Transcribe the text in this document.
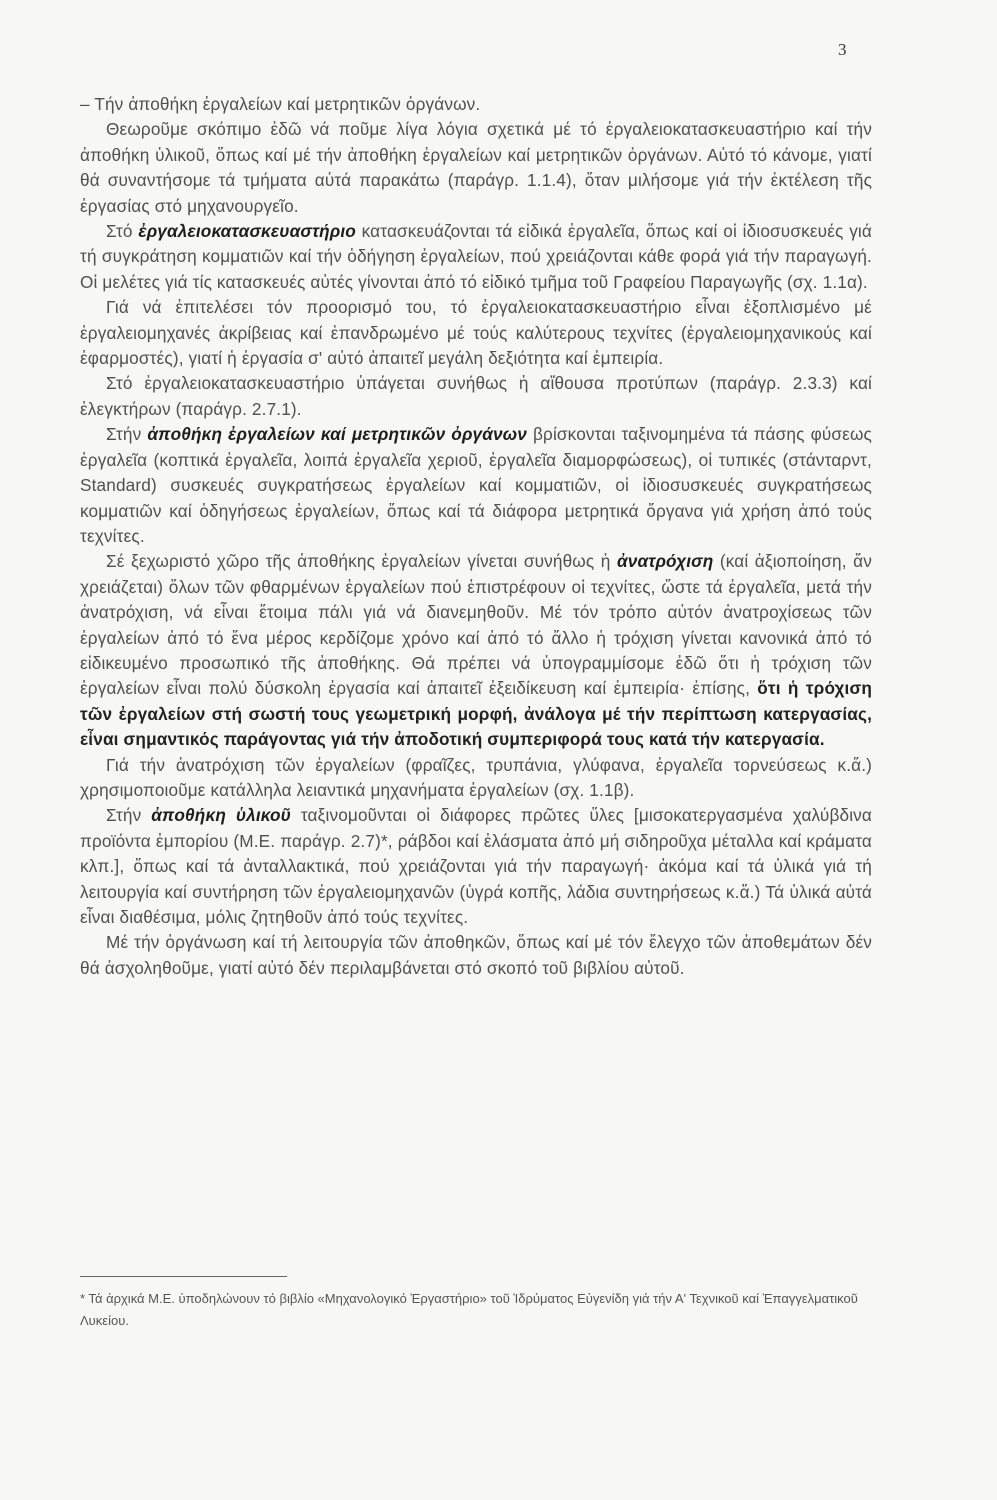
3

– Τήν ἀποθήκη ἐργαλείων καί μετρητικῶν ὀργάνων.

Θεωροῦμε σκόπιμο ἐδῶ νά ποῦμε λίγα λόγια σχετικά μέ τό ἐργαλειοκατασκευαστήριο καί τήν ἀποθήκη ὑλικοῦ, ὅπως καί μέ τήν ἀποθήκη ἐργαλείων καί μετρητικῶν ὀργάνων. Αὐτό τό κάνομε, γιατί θά συναντήσομε τά τμήματα αὐτά παρακάτω (παράγρ. 1.1.4), ὅταν μιλήσομε γιά τήν ἐκτέλεση τῆς ἐργασίας στό μηχανουργεῖο.

Στό ἐργαλειοκατασκευαστήριο κατασκευάζονται τά εἰδικά ἐργαλεῖα, ὅπως καί οἱ ἰδιοσυσκευές γιά τή συγκράτηση κομματιῶν καί τήν ὁδήγηση ἐργαλείων, πού χρειάζονται κάθε φορά γιά τήν παραγωγή. Οἱ μελέτες γιά τίς κατασκευές αὐτές γίνονται ἀπό τό εἰδικό τμῆμα τοῦ Γραφείου Παραγωγῆς (σχ. 1.1α).

Γιά νά ἐπιτελέσει τόν προορισμό του, τό ἐργαλειοκατασκευαστήριο εἶναι ἐξοπλισμένο μέ ἐργαλειομηχανές ἀκρίβειας καί ἐπανδρωμένο μέ τούς καλύτερους τεχνίτες (ἐργαλειομηχανικούς καί ἐφαρμοστές), γιατί ἡ ἐργασία σ' αὐτό ἀπαιτεῖ μεγάλη δεξιότητα καί ἐμπειρία.

Στό ἐργαλειοκατασκευαστήριο ὑπάγεται συνήθως ἡ αἴθουσα προτύπων (παράγρ. 2.3.3) καί ἐλεγκτήρων (παράγρ. 2.7.1).

Στήν ἀποθήκη ἐργαλείων καί μετρητικῶν ὀργάνων βρίσκονται ταξινομημένα τά πάσης φύσεως ἐργαλεῖα (κοπτικά ἐργαλεῖα, λοιπά ἐργαλεῖα χεριοῦ, ἐργαλεῖα διαμορφώσεως), οἱ τυπικές (στάνταρντ, Standard) συσκευές συγκρατήσεως ἐργαλείων καί κομματιῶν, οἱ ἰδιοσυσκευές συγκρατήσεως κομματιῶν καί ὁδηγήσεως ἐργαλείων, ὅπως καί τά διάφορα μετρητικά ὄργανα γιά χρήση ἀπό τούς τεχνίτες.

Σέ ξεχωριστό χῶρο τῆς ἀποθήκης ἐργαλείων γίνεται συνήθως ἡ ἀνατρόχιση (καί ἀξιοποίηση, ἄν χρειάζεται) ὅλων τῶν φθαρμένων ἐργαλείων πού ἐπιστρέφουν οἱ τεχνίτες, ὥστε τά ἐργαλεῖα, μετά τήν ἀνατρόχιση, νά εἶναι ἕτοιμα πάλι γιά νά διανεμηθοῦν. Μέ τόν τρόπο αὐτόν ἀνατροχίσεως τῶν ἐργαλείων ἀπό τό ἕνα μέρος κερδίζομε χρόνο καί ἀπό τό ἄλλο ἡ τρόχιση γίνεται κανονικά ἀπό τό εἰδικευμένο προσωπικό τῆς ἀποθήκης. Θά πρέπει νά ὑπογραμμίσομε ἐδῶ ὅτι ἡ τρόχιση τῶν ἐργαλείων εἶναι πολύ δύσκολη ἐργασία καί ἀπαιτεῖ ἐξειδίκευση καί ἐμπειρία· ἐπίσης, ὅτι ἡ τρόχιση τῶν ἐργαλείων στή σωστή τους γεωμετρική μορφή, ἀνάλογα μέ τήν περίπτωση κατεργασίας, εἶναι σημαντικός παράγοντας γιά τήν ἀποδοτική συμπεριφορά τους κατά τήν κατεργασία.

Γιά τήν ἀνατρόχιση τῶν ἐργαλείων (φραῖζες, τρυπάνια, γλύφανα, ἐργαλεῖα τορνεύσεως κ.ἄ.) χρησιμοποιοῦμε κατάλληλα λειαντικά μηχανήματα ἐργαλείων (σχ. 1.1β).

Στήν ἀποθήκη ὑλικοῦ ταξινομοῦνται οἱ διάφορες πρῶτες ὕλες [μισοκατεργασμένα χαλύβδινα προϊόντα ἐμπορίου (Μ.Ε. παράγρ. 2.7)*, ράβδοι καί ἐλάσματα ἀπό μή σιδηροῦχα μέταλλα καί κράματα κλπ.], ὅπως καί τά ἀνταλλακτικά, πού χρειάζονται γιά τήν παραγωγή· ἀκόμα καί τά ὑλικά γιά τή λειτουργία καί συντήρηση τῶν ἐργαλειομηχανῶν (ὑγρά κοπῆς, λάδια συντηρήσεως κ.ἄ.) Τά ὑλικά αὐτά εἶναι διαθέσιμα, μόλις ζητηθοῦν ἀπό τούς τεχνίτες.

Μέ τήν ὀργάνωση καί τή λειτουργία τῶν ἀποθηκῶν, ὅπως καί μέ τόν ἔλεγχο τῶν ἀποθεμάτων δέν θά ἀσχοληθοῦμε, γιατί αὐτό δέν περιλαμβάνεται στό σκοπό τοῦ βιβλίου αὐτοῦ.

* Τά ἀρχικά Μ.Ε. ὑποδηλώνουν τό βιβλίο «Μηχανολογικό Ἐργαστήριο» τοῦ Ἱδρύματος Εὐγενίδη γιά τήν Α' Τεχνικοῦ καί Ἐπαγγελματικοῦ Λυκείου.
